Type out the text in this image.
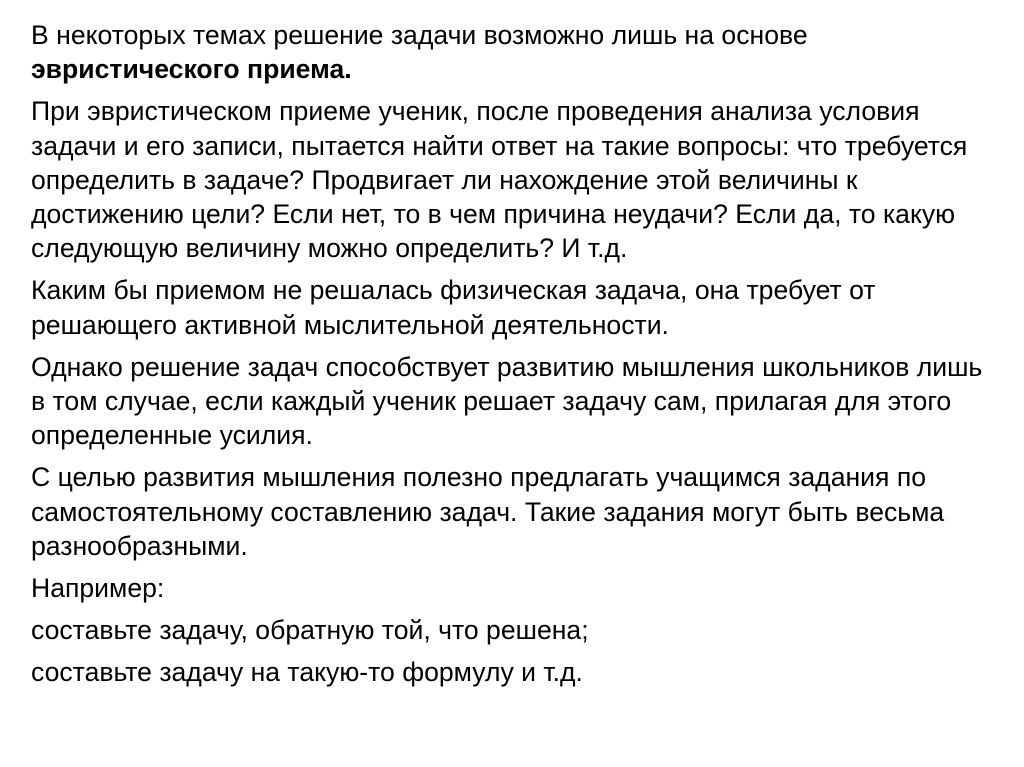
В некоторых темах решение задачи возможно лишь на основе
эвристического приема.

При эвристическом приеме ученик, после проведения анализа условия задачи и его записи, пытается найти ответ на такие вопросы: что требуется определить в задаче? Продвигает ли нахождение этой величины к достижению цели? Если нет, то в чем причина неудачи? Если да, то какую следующую величину можно определить? И т.д.

Каким бы приемом не решалась физическая задача, она требует от решающего активной мыслительной деятельности.

Однако решение задач способствует развитию мышления школьников лишь в том случае, если каждый ученик решает задачу сам, прилагая для этого определенные усилия.

С целью развития мышления полезно предлагать учащимся задания по самостоятельному составлению задач. Такие задания могут быть весьма разнообразными.

Например:

составьте задачу, обратную той, что решена;

составьте задачу на такую-то формулу и т.д.
